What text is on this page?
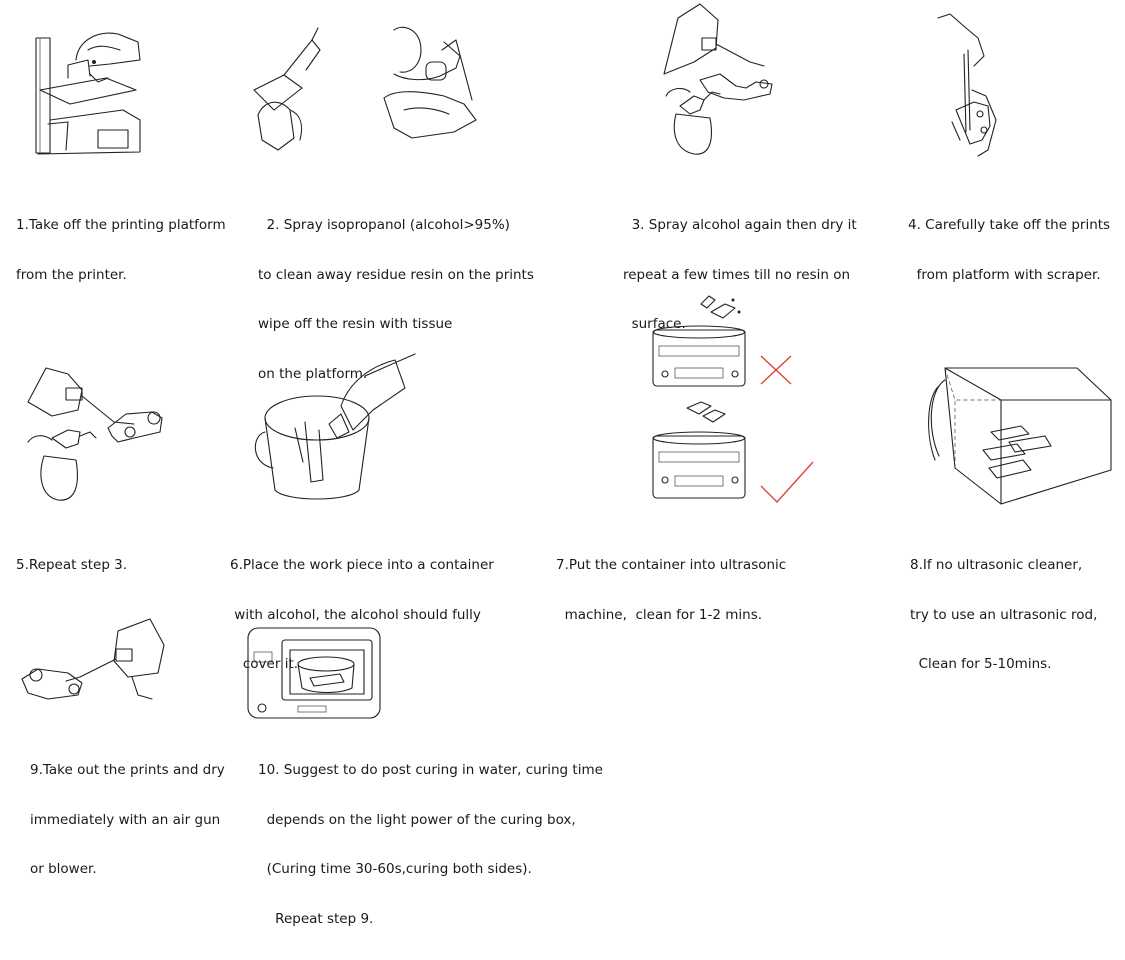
1.Take off the printing platform

from the printer.

2. Spray isopropanol (alcohol>95%)

to clean away residue resin on the prints

wipe off the resin with tissue

on the platform.

3. Spray alcohol again then dry it

repeat a few times till no resin on

surface.

4. Carefully take off the prints

from platform with scraper.

5.Repeat step 3.

	6.Place the work piece into a container

with alcohol, the alcohol should fully

cover it.

7.Put the container into ultrasonic

machine,  clean for 1-2 mins.

8.If no ultrasonic cleaner,

try to use an ultrasonic rod,

Clean for 5-10mins.

9.Take out the prints and dry

immediately with an air gun

or blower.

10. Suggest to do post curing in water, curing time

depends on the light power of the curing box,

(Curing time 30-60s,curing both sides).

Repeat step 9.
